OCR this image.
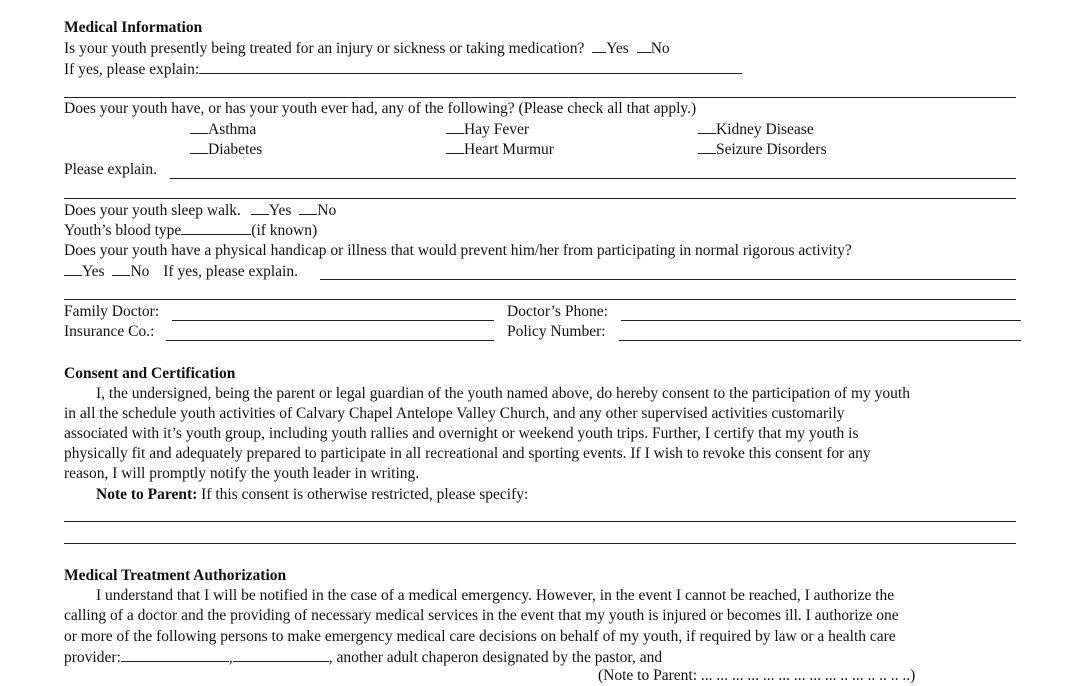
Medical Information
Is your youth presently being treated for an injury or sickness or taking medication? Yes No
If yes, please explain:
Does your youth have, or has your youth ever had, any of the following? (Please check all that apply.)
Asthma	Hay Fever	Kidney Disease
Diabetes	Heart Murmur	Seizure Disorders
Please explain.
Does your youth sleep walk. Yes No
Youth’s blood type	(if known)
Does your youth have a physical handicap or illness that would prevent him/her from participating in normal rigorous activity?
Yes No If yes, please explain.
Family Doctor:	Doctor’s Phone:
Insurance Co.:	Policy Number:
Consent and Certification
I, the undersigned, being the parent or legal guardian of the youth named above, do hereby consent to the participation of my youth
in all the schedule youth activities of Calvary Chapel Antelope Valley Church, and any other supervised activities customarily
associated with it’s youth group, including youth rallies and overnight or weekend youth trips. Further, I certify that my youth is
physically fit and adequately prepared to participate in all recreational and sporting events. If I wish to revoke this consent for any
reason, I will promptly notify the youth leader in writing.
Note to Parent: If this consent is otherwise restricted, please specify:
Medical Treatment Authorization
I understand that I will be notified in the case of a medical emergency. However, in the event I cannot be reached, I authorize the
calling of a doctor and the providing of necessary medical services in the event that my youth is injured or becomes ill. I authorize one
or more of the following persons to make emergency medical care decisions on behalf of my youth, if required by law or a health care
provider:	,	, another adult chaperon designated by the pastor, and
(Note to Parent: ... ... ... ... ... ... ... ... ... .. ... .. .. .. ..)
